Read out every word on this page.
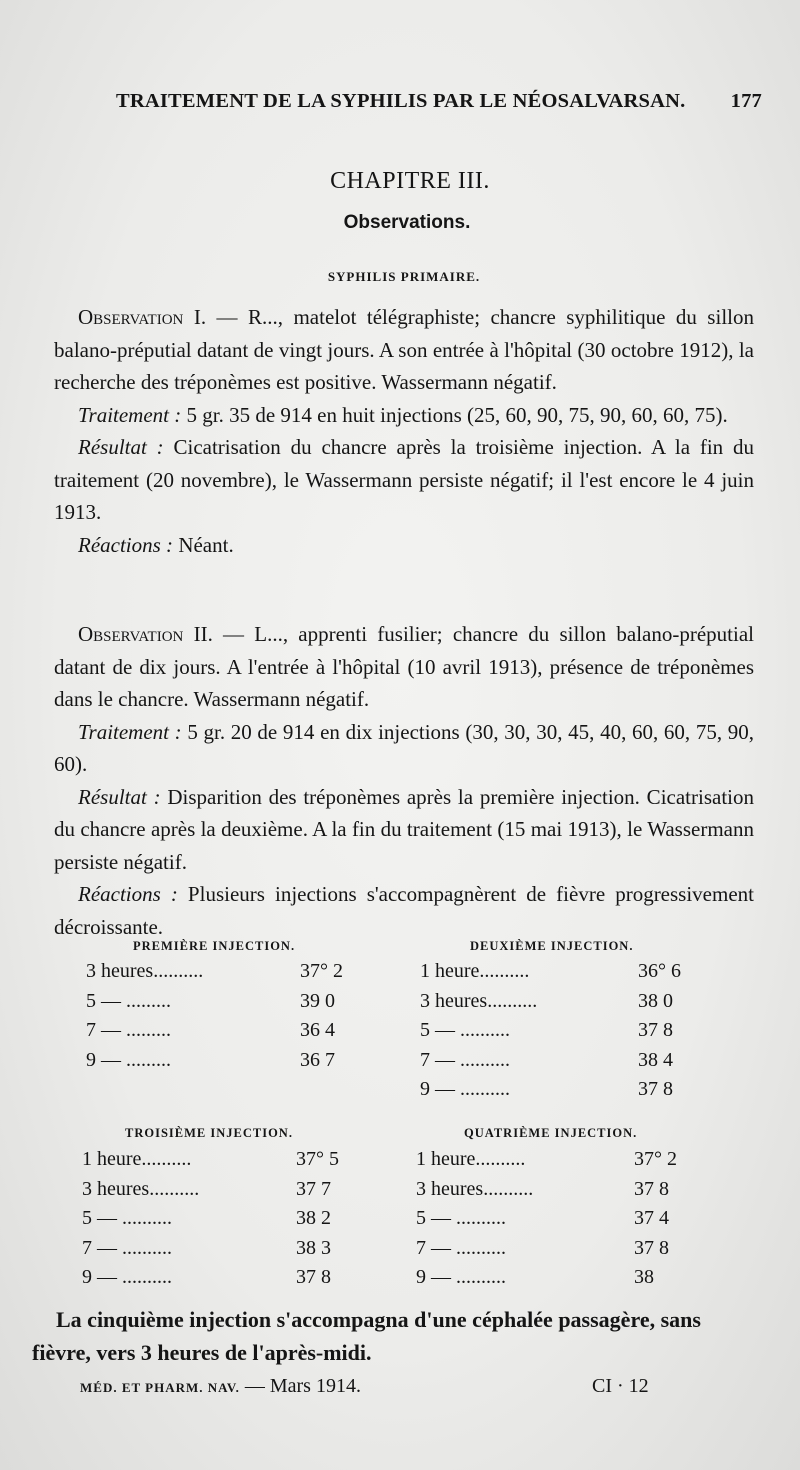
TRAITEMENT DE LA SYPHILIS PAR LE NÉOSALVARSAN. 177
CHAPITRE III.
Observations.
SYPHILIS PRIMAIRE.

Observation I. — R..., matelot télégraphiste; chancre syphilitique du sillon balano-préputial datant de vingt jours. A son entrée à l'hôpital (30 octobre 1912), la recherche des tréponèmes est positive. Wassermann négatif.

Traitement : 5 gr. 35 de 914 en huit injections (25, 60, 90, 75, 90, 60, 60, 75).

Résultat : Cicatrisation du chancre après la troisième injection. A la fin du traitement (20 novembre), le Wassermann persiste négatif; il l'est encore le 4 juin 1913.

Réactions : Néant.

Observation II. — L..., apprenti fusilier; chancre du sillon balano-préputial datant de dix jours. A l'entrée à l'hôpital (10 avril 1913), présence de tréponèmes dans le chancre. Wassermann négatif.

Traitement : 5 gr. 20 de 914 en dix injections (30, 30, 30, 45, 40, 60, 60, 75, 90, 60).

Résultat : Disparition des tréponèmes après la première injection. Cicatrisation du chancre après la deuxième. A la fin du traitement (15 mai 1913), le Wassermann persiste négatif.

Réactions : Plusieurs injections s'accompagnèrent de fièvre progressivement décroissante.

PREMIÈRE INJECTION.
3 heures..........	37° 2
5 — .........	39 0
7 — .........	36 4
9 — .........	36 7
DEUXIÈME INJECTION.
1 heure..........	36° 6
3 heures..........	38 0
5 — ..........	37 8
7 — ..........	38 4
9 — ..........	37 8
TROISIÈME INJECTION.
1 heure..........	37° 5
3 heures..........	37 7
5 — ..........	38 2
7 — ..........	38 3
9 — ..........	37 8
QUATRIÈME INJECTION.
1 heure..........	37° 2
3 heures..........	37 8
5 — ..........	37 4
7 — ..........	37 8
9 — ..........	38

La cinquième injection s'accompagna d'une céphalée passagère, sans fièvre, vers 3 heures de l'après-midi.

MÉD. ET PHARM. NAV. — Mars 1914.	CI · 12
